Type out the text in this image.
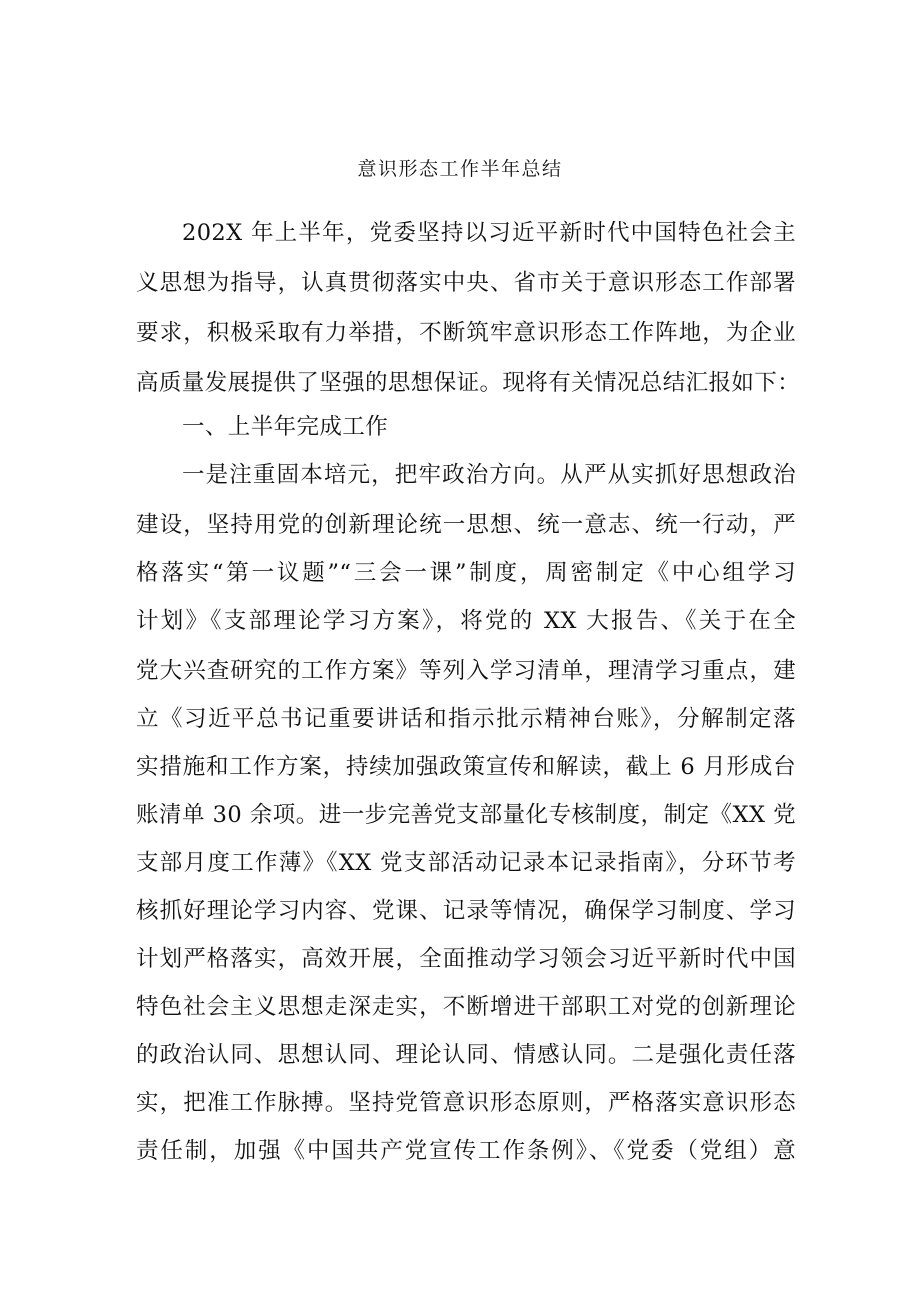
意识形态工作半年总结
202X 年上半年，党委坚持以习近平新时代中国特色社会主
义思想为指导，认真贯彻落实中央、省市关于意识形态工作部署
要求，积极采取有力举措，不断筑牢意识形态工作阵地，为企业
高质量发展提供了坚强的思想保证。现将有关情况总结汇报如下：
一、上半年完成工作
一是注重固本培元，把牢政治方向。从严从实抓好思想政治
建设，坚持用党的创新理论统一思想、统一意志、统一行动，严
格落实“第一议题”“三会一课”制度，周密制定《中心组学习
计划》《支部理论学习方案》，将党的 XX 大报告、《关于在全
党大兴查研究的工作方案》等列入学习清单，理清学习重点，建
立《习近平总书记重要讲话和指示批示精神台账》，分解制定落
实措施和工作方案，持续加强政策宣传和解读，截上 6 月形成台
账清单 30 余项。进一步完善党支部量化专核制度，制定《XX 党
支部月度工作薄》《XX 党支部活动记录本记录指南》，分环节考
核抓好理论学习内容、党课、记录等情况，确保学习制度、学习
计划严格落实，高效开展，全面推动学习领会习近平新时代中国
特色社会主义思想走深走实，不断增进干部职工对党的创新理论
的政治认同、思想认同、理论认同、情感认同。二是强化责任落
实，把准工作脉搏。坚持党管意识形态原则，严格落实意识形态
责任制，加强《中国共产党宣传工作条例》、《党委（党组）意
